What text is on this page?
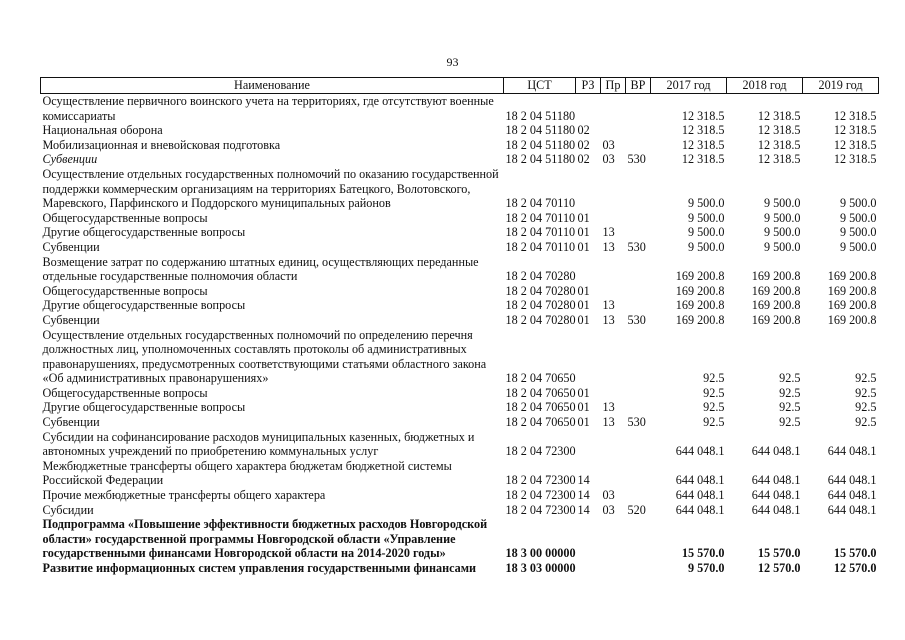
93
Наименование	ЦСТ	РЗ	Пр	ВР	2017 год	2018 год	2019 год
Осуществление первичного воинского учета на территориях, где отсутствуют военные комиссариаты	18 2 04 51180				12 318.5	12 318.5	12 318.5
Национальная оборона	18 2 04 51180	02			12 318.5	12 318.5	12 318.5
Мобилизационная и вневойсковая подготовка	18 2 04 51180	02	03		12 318.5	12 318.5	12 318.5
Субвенции	18 2 04 51180	02	03	530	12 318.5	12 318.5	12 318.5
Осуществление отдельных государственных полномочий по оказанию государственной поддержки коммерческим организациям на территориях Батецкого, Волотовского, Маревского, Парфинского и Поддорского муниципальных районов	18 2 04 70110				9 500.0	9 500.0	9 500.0
Общегосударственные вопросы	18 2 04 70110	01			9 500.0	9 500.0	9 500.0
Другие общегосударственные вопросы	18 2 04 70110	01	13		9 500.0	9 500.0	9 500.0
Субвенции	18 2 04 70110	01	13	530	9 500.0	9 500.0	9 500.0
Возмещение затрат по содержанию штатных единиц, осуществляющих переданные отдельные государственные полномочия области	18 2 04 70280				169 200.8	169 200.8	169 200.8
Общегосударственные вопросы	18 2 04 70280	01			169 200.8	169 200.8	169 200.8
Другие общегосударственные вопросы	18 2 04 70280	01	13		169 200.8	169 200.8	169 200.8
Субвенции	18 2 04 70280	01	13	530	169 200.8	169 200.8	169 200.8
Осуществление отдельных государственных полномочий по определению перечня должностных лиц, уполномоченных составлять протоколы об административных правонарушениях, предусмотренных соответствующими статьями областного закона «Об административных правонарушениях»	18 2 04 70650				92.5	92.5	92.5
Общегосударственные вопросы	18 2 04 70650	01			92.5	92.5	92.5
Другие общегосударственные вопросы	18 2 04 70650	01	13		92.5	92.5	92.5
Субвенции	18 2 04 70650	01	13	530	92.5	92.5	92.5
Субсидии на софинансирование расходов муниципальных казенных, бюджетных и автономных учреждений по приобретению коммунальных услуг	18 2 04 72300				644 048.1	644 048.1	644 048.1
Межбюджетные трансферты общего характера бюджетам бюджетной системы Российской Федерации	18 2 04 72300	14			644 048.1	644 048.1	644 048.1
Прочие межбюджетные трансферты общего характера	18 2 04 72300	14	03		644 048.1	644 048.1	644 048.1
Субсидии	18 2 04 72300	14	03	520	644 048.1	644 048.1	644 048.1
Подпрограмма «Повышение эффективности бюджетных расходов Новгородской области» государственной программы Новгородской области «Управление государственными финансами Новгородской области на 2014-2020 годы»	18 3 00 00000				15 570.0	15 570.0	15 570.0
Развитие информационных систем управления государственными финансами	18 3 03 00000				9 570.0	12 570.0	12 570.0
